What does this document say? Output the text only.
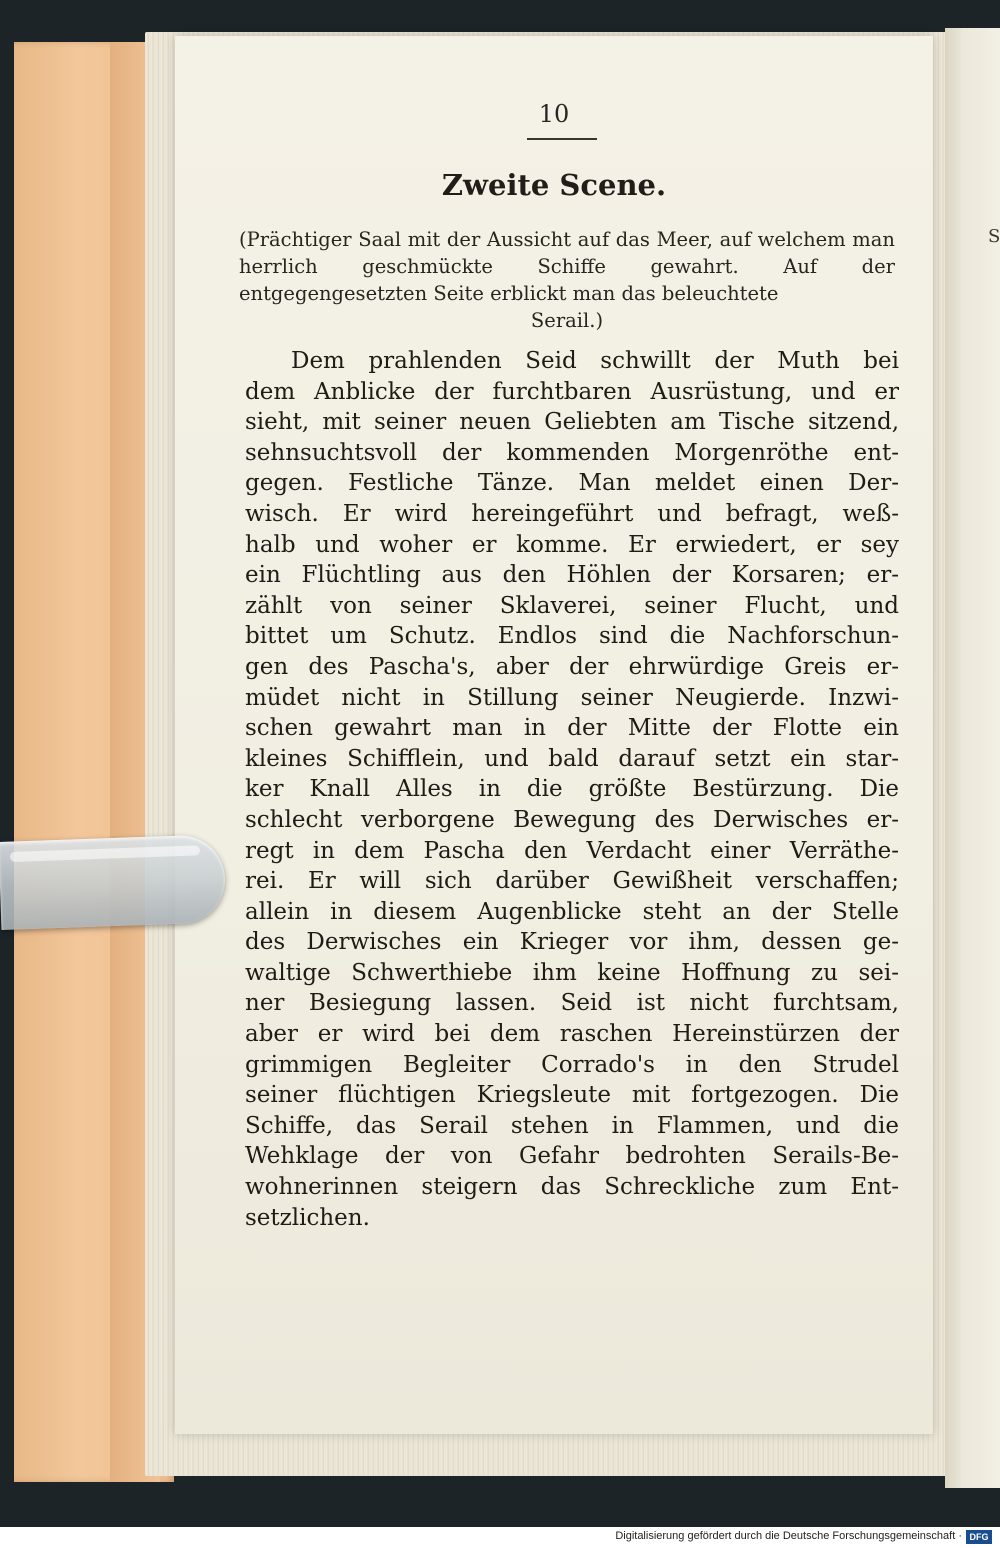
S
10
Zweite Scene.
(Prächtiger Saal mit der Aussicht auf das Meer, auf welchem man herrlich geschmückte Schiffe gewahrt. Auf der entgegengesetzten Seite erblickt man das beleuchtete
Serail.)
Dem prahlenden Seid schwillt der Muth bei
dem Anblicke der furchtbaren Ausrüstung, und er
sieht, mit seiner neuen Geliebten am Tische sitzend,
sehnsuchtsvoll der kommenden Morgenröthe ent-
gegen. Festliche Tänze. Man meldet einen Der-
wisch. Er wird hereingeführt und befragt, weß-
halb und woher er komme. Er erwiedert, er sey
ein Flüchtling aus den Höhlen der Korsaren; er-
zählt von seiner Sklaverei, seiner Flucht, und
bittet um Schutz. Endlos sind die Nachforschun-
gen des Pascha's, aber der ehrwürdige Greis er-
müdet nicht in Stillung seiner Neugierde. Inzwi-
schen gewahrt man in der Mitte der Flotte ein
kleines Schifflein, und bald darauf setzt ein star-
ker Knall Alles in die größte Bestürzung. Die
schlecht verborgene Bewegung des Derwisches er-
regt in dem Pascha den Verdacht einer Verräthe-
rei. Er will sich darüber Gewißheit verschaffen;
allein in diesem Augenblicke steht an der Stelle
des Derwisches ein Krieger vor ihm, dessen ge-
waltige Schwerthiebe ihm keine Hoffnung zu sei-
ner Besiegung lassen. Seid ist nicht furchtsam,
aber er wird bei dem raschen Hereinstürzen der
grimmigen Begleiter Corrado's in den Strudel
seiner flüchtigen Kriegsleute mit fortgezogen. Die
Schiffe, das Serail stehen in Flammen, und die
Wehklage der von Gefahr bedrohten Serails-Be-
wohnerinnen steigern das Schreckliche zum Ent-
setzlichen.
Digitalisierung gefördert durch die Deutsche Forschungsgemeinschaft · DFG
